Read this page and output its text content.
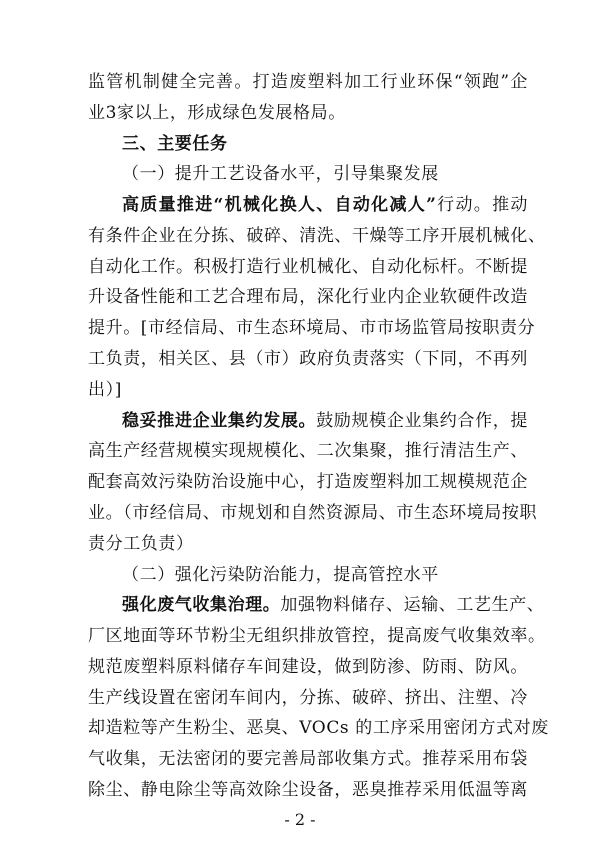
监管机制健全完善。打造废塑料加工行业环保“领跑”企
业3家以上，形成绿色发展格局。
三、主要任务
（一）提升工艺设备水平，引导集聚发展
高质量推进“机械化换人、自动化减人”行动。推动
有条件企业在分拣、破碎、清洗、干燥等工序开展机械化、
自动化工作。积极打造行业机械化、自动化标杆。不断提
升设备性能和工艺合理布局，深化行业内企业软硬件改造
提升。[市经信局、市生态环境局、市市场监管局按职责分
工负责，相关区、县（市）政府负责落实（下同，不再列
出）]
稳妥推进企业集约发展。鼓励规模企业集约合作，提
高生产经营规模实现规模化、二次集聚，推行清洁生产、
配套高效污染防治设施中心，打造废塑料加工规模规范企
业。（市经信局、市规划和自然资源局、市生态环境局按职
责分工负责）
（二）强化污染防治能力，提高管控水平
强化废气收集治理。加强物料储存、运输、工艺生产、
厂区地面等环节粉尘无组织排放管控，提高废气收集效率。
规范废塑料原料储存车间建设，做到防渗、防雨、防风。
生产线设置在密闭车间内，分拣、破碎、挤出、注塑、冷
却造粒等产生粉尘、恶臭、VOCs 的工序采用密闭方式对废
气收集，无法密闭的要完善局部收集方式。推荐采用布袋
除尘、静电除尘等高效除尘设备，恶臭推荐采用低温等离
- 2 -
